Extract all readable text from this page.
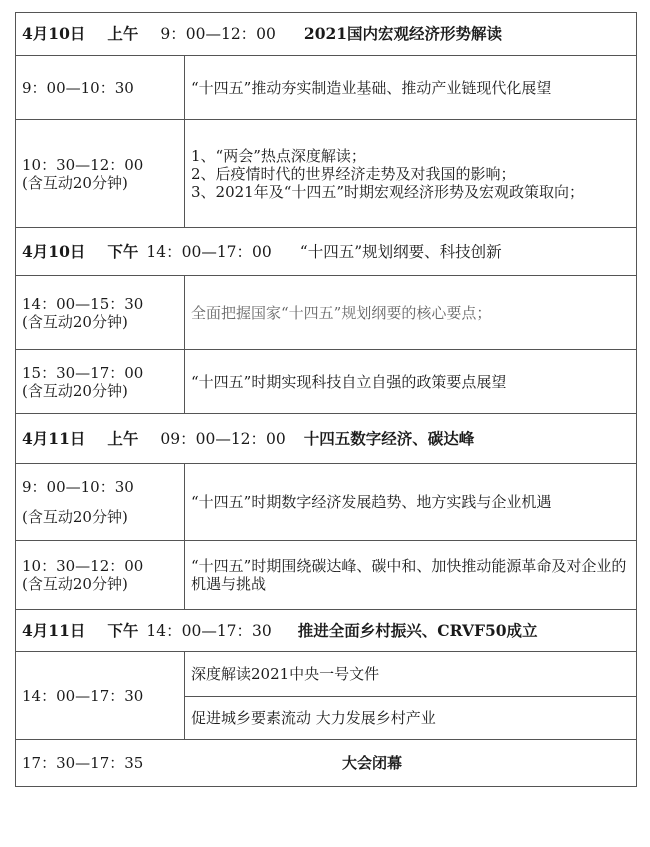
4月10日 上午 9：00—12：00 2021国内宏观经济形势解读	
9：00—10：30	“十四五”推动夯实制造业基础、推动产业链现代化展望
10：30—12：00
(含互动20分钟)	1、“两会”热点深度解读；
2、后疫情时代的世界经济走势及对我国的影响；
3、2021年及“十四五”时期宏观经济形势及宏观政策取向；
4月10日 下午 14：00—17：00 “十四五”规划纲要、科技创新	
14：00—15：30
(含互动20分钟)	全面把握国家“十四五”规划纲要的核心要点；
15：30—17：00
(含互动20分钟)	“十四五”时期实现科技自立自强的政策要点展望
4月11日 上午 09：00—12：00 十四五数字经济、碳达峰	
9：00—10：30
(含互动20分钟)	“十四五”时期数字经济发展趋势、地方实践与企业机遇
10：30—12：00
(含互动20分钟)	“十四五”时期围绕碳达峰、碳中和、加快推动能源革命及对企业的机遇与挑战
4月11日 下午 14：00—17：30 推进全面乡村振兴、CRVF50成立	
14：00—17：30	深度解读2021中央一号文件
	促进城乡要素流动 大力发展乡村产业
17：30—17：35 大会闭幕	
